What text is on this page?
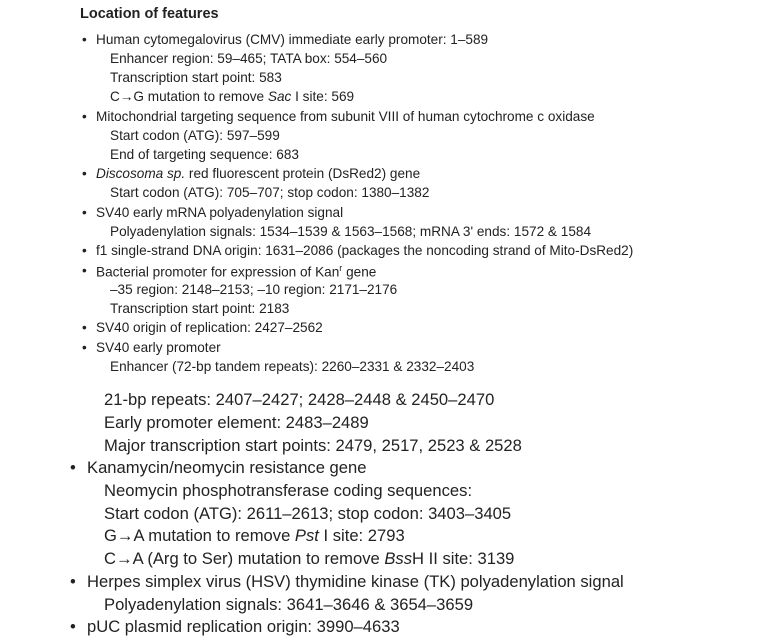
Location of features
• Human cytomegalovirus (CMV) immediate early promoter: 1–589
Enhancer region: 59–465; TATA box: 554–560
Transcription start point: 583
C→G mutation to remove Sac I site: 569
• Mitochondrial targeting sequence from subunit VIII of human cytochrome c oxidase
Start codon (ATG): 597–599
End of targeting sequence: 683
• Discosoma sp. red fluorescent protein (DsRed2) gene
Start codon (ATG): 705–707; stop codon: 1380–1382
• SV40 early mRNA polyadenylation signal
Polyadenylation signals: 1534–1539 & 1563–1568; mRNA 3' ends: 1572 & 1584
• f1 single-strand DNA origin: 1631–2086 (packages the noncoding strand of Mito-DsRed2)
• Bacterial promoter for expression of Kan$^r$ gene
–35 region: 2148–2153; –10 region: 2171–2176
Transcription start point: 2183
• SV40 origin of replication: 2427–2562
• SV40 early promoter
Enhancer (72-bp tandem repeats): 2260–2331 & 2332–2403
21-bp repeats: 2407–2427; 2428–2448 & 2450–2470
Early promoter element: 2483–2489
Major transcription start points: 2479, 2517, 2523 & 2528
• Kanamycin/neomycin resistance gene
Neomycin phosphotransferase coding sequences:
Start codon (ATG): 2611–2613; stop codon: 3403–3405
G→A mutation to remove Pst I site: 2793
C→A (Arg to Ser) mutation to remove BssH II site: 3139
• Herpes simplex virus (HSV) thymidine kinase (TK) polyadenylation signal
Polyadenylation signals: 3641–3646 & 3654–3659
• pUC plasmid replication origin: 3990–4633
